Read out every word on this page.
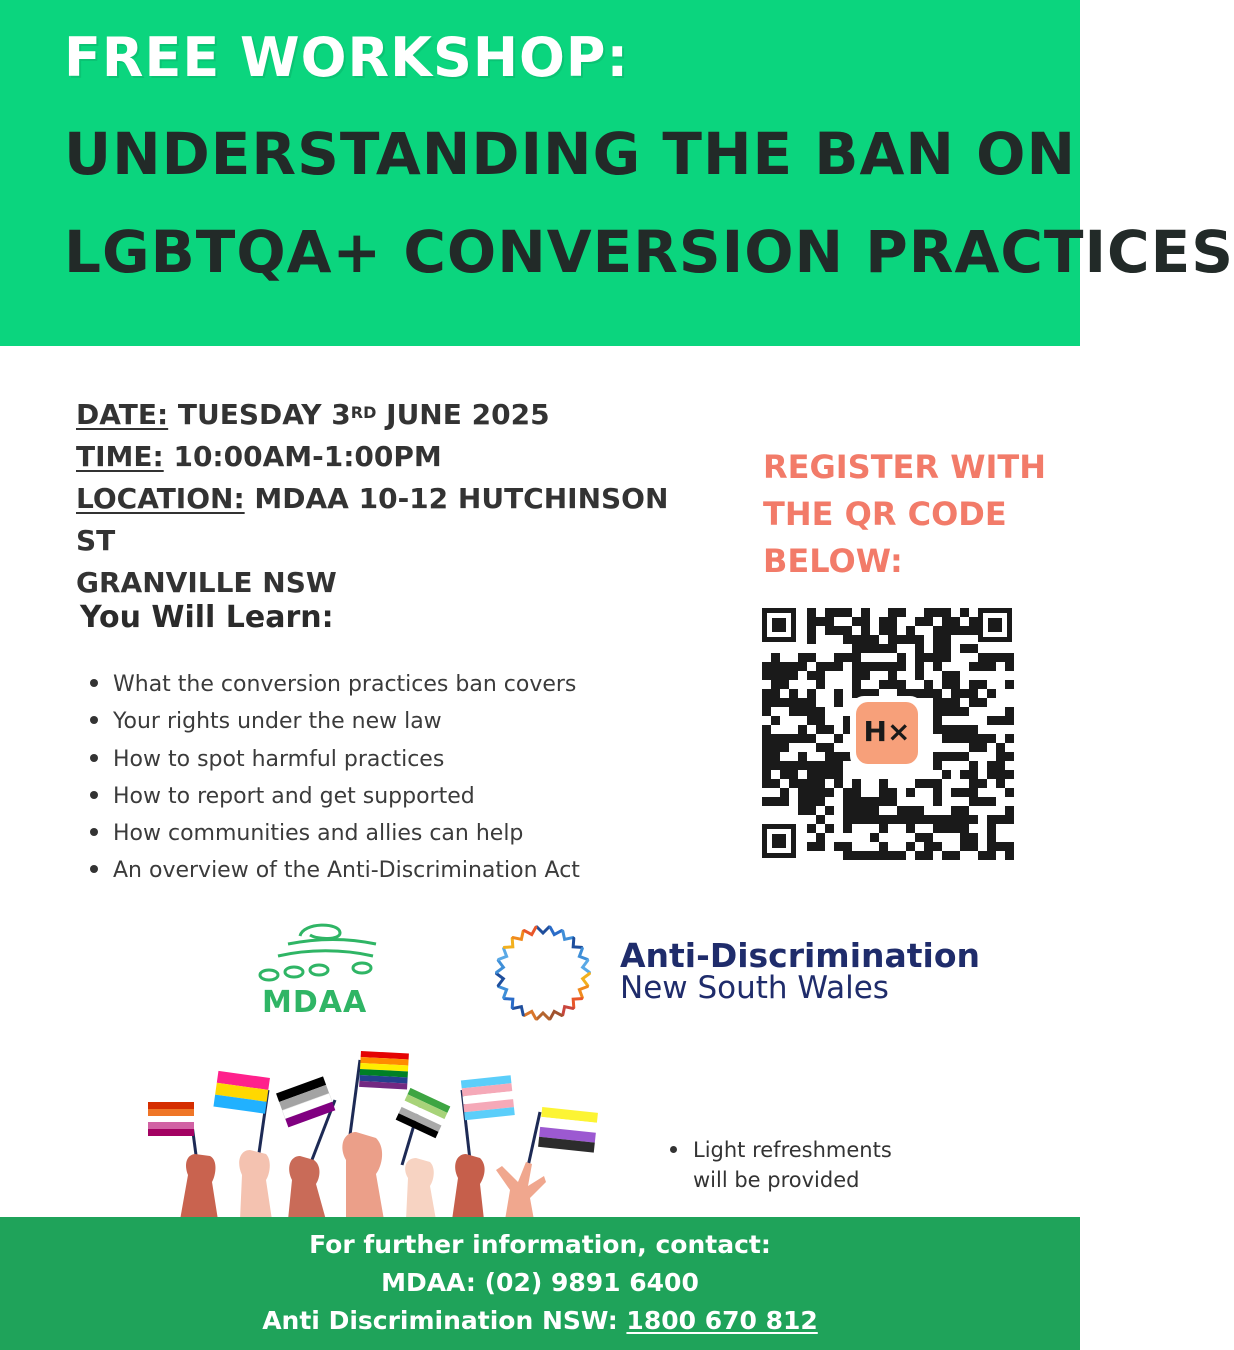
FREE WORKSHOP:
UNDERSTANDING THE BAN ON
LGBTQA+ CONVERSION PRACTICES
DATE: TUESDAY 3RD JUNE 2025
TIME: 10:00AM-1:00PM
LOCATION: MDAA 10-12 HUTCHINSON ST
GRANVILLE NSW
REGISTER WITH
THE QR CODE
BELOW:
H×
You Will Learn:
What the conversion practices ban covers
Your rights under the new law
How to spot harmful practices
How to report and get supported
How communities and allies can help
An overview of the Anti-Discrimination Act
MDAA
Anti-Discrimination
New South Wales
Light refreshments
will be provided
For further information, contact:
MDAA: (02) 9891 6400
Anti Discrimination NSW: 1800 670 812
